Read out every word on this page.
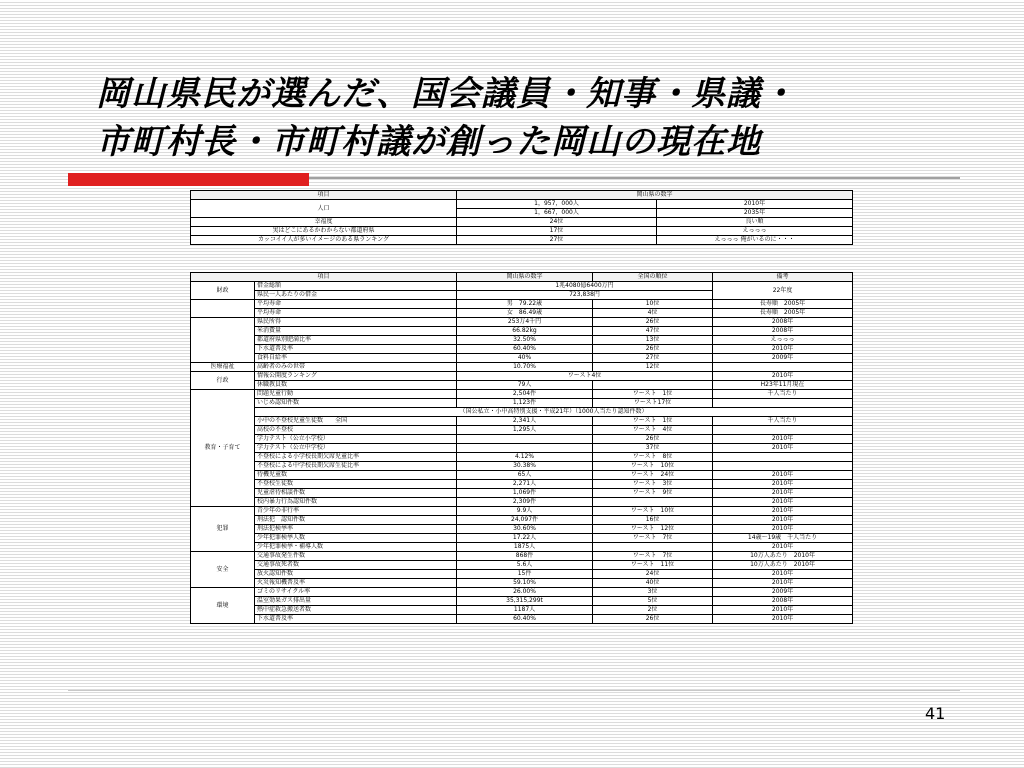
岡山県民が選んだ、国会議員・知事・県議・
市町村長・市町村議が創った岡山の現在地
項目	岡山県の数字	
人口	1，957，000人	2010年
	1，667，000人	2035年
幸福度	24位	良い順
実はどこにあるかわからない都道府県	17位	えっっっ
カッコイイ人が多いイメージのある県ランキング	27位	えっっっ 俺がいるのに・・・
項目		岡山県の数字	全国の順位	備考
財政	借金総額	1兆4080億6400万円		22年度
	県民一人あたりの借金	723,838円		
	平均寿命	男　79.22歳	10位	長寿順　2005年
	平均寿命	女　86.49歳	4位	長寿順　2005年
	県民所得	253万4千円	26位	2008年
	米消費量	66.82kg	47位	2008年
	都道府県別肥満比率	32.50%	13位	えっっっ
	下水道普及率	60.40%	26位	2010年
	食料自給率	40%	27位	2009年
医療福祉	高齢者のみの世帯	10.70%	12位	
行政	情報公開度ランキング	ワースト4位		2010年
	休職教員数	79人		H23年11月現在
教育・子育て	問題児童行動	2,504件	ワースト　1位	千人当たり
	いじめ認知件数	1,123件	ワースト17位	
	（国公私立・小中高特別支援・平成21年）（1000人当たり認知件数）			
	小中の不登校児童生徒数　　全国	2,341人	ワースト　1位	千人当たり
	高校の不登校	1,295人	ワースト　4位	
	学力テスト（公立小学校）		26位	2010年
	学力テスト（公立中学校）		37位	2010年
	不登校による小学校長期欠席児童比率	4.12%	ワースト　8位	
	不登校による中学校長期欠席生徒比率	30.38%	ワースト　10位	
	待機児童数	65人	ワースト　24位	2010年
	不登校生徒数	2,271人	ワースト　3位	2010年
	児童虐待相談件数	1,069件	ワースト　9位	2010年
	校内暴力行為認知件数	2,309件		2010年
犯罪	青少年の非行率	9.9人	ワースト　10位	2010年
	刑法犯　認知件数	24,097件	16位	2010年
	刑法犯検挙率	30.60%	ワースト　12位	2010年
	少年犯罪検挙人数	17.22人	ワースト　7位	14歳〜19歳　千人当たり
	少年犯罪検挙・補導人数	1875人		2010年
安全	交通事故発生件数	868件	ワースト　7位	10万人あたり　2010年
	交通事故死者数	5.6人	ワースト　11位	10万人あたり　2010年
	放火認知件数	15件	24位	2010年
	火災報知機普及率	59.10%	40位	2010年
環境	ゴミのリサイクル率	26.00%	3位	2009年
	温室効果ガス排出量	35,315,299t	5位	2008年
	熱中症救急搬送者数	1187人	2位	2010年
	下水道普及率	60.40%	26位	2010年
41
